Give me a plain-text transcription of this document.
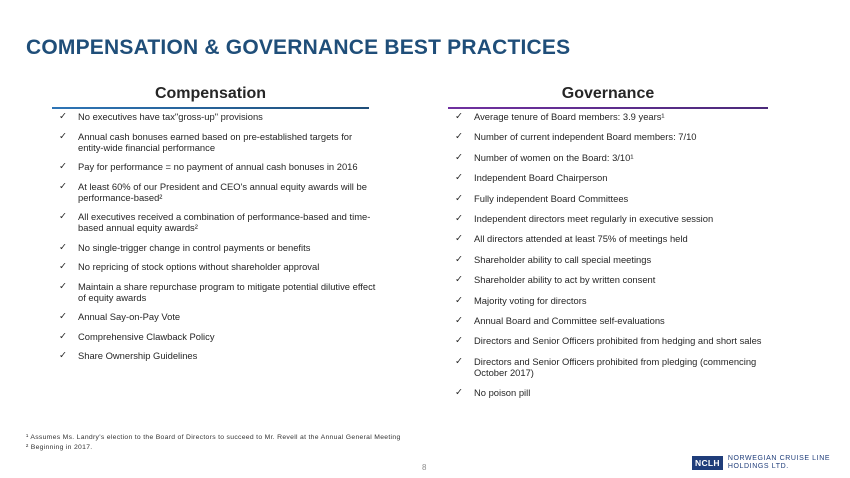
COMPENSATION & GOVERNANCE BEST PRACTICES
Compensation	Governance
✓ No executives have tax"gross-up" provisions
✓ Annual cash bonuses earned based on pre-established targets for entity-wide financial performance
✓ Pay for performance = no payment of annual cash bonuses in 2016
✓ At least 60% of our President and CEO's annual equity awards will be performance-based²
✓ All executives received a combination of performance-based and time-based annual equity awards²
✓ No single-trigger change in control payments or benefits
✓ No repricing of stock options without shareholder approval
✓ Maintain a share repurchase program to mitigate potential dilutive effect of equity awards
✓ Annual Say-on-Pay Vote
✓ Comprehensive Clawback Policy
✓ Share Ownership Guidelines
✓ Average tenure of Board members: 3.9 years¹
✓ Number of current independent Board members: 7/10
✓ Number of women on the Board: 3/10¹
✓ Independent Board Chairperson
✓ Fully independent Board Committees
✓ Independent directors meet regularly in executive session
✓ All directors attended at least 75% of meetings held
✓ Shareholder ability to call special meetings
✓ Shareholder ability to act by written consent
✓ Majority voting for directors
✓ Annual Board and Committee self-evaluations
✓ Directors and Senior Officers prohibited from hedging and short sales
✓ Directors and Senior Officers prohibited from pledging (commencing October 2017)
✓ No poison pill
¹ Assumes Ms. Landry's election to the Board of Directors to succeed to Mr. Revell at the Annual General Meeting
² Beginning in 2017.
8	NCLH	NORWEGIAN CRUISE LINE
HOLDINGS LTD.
